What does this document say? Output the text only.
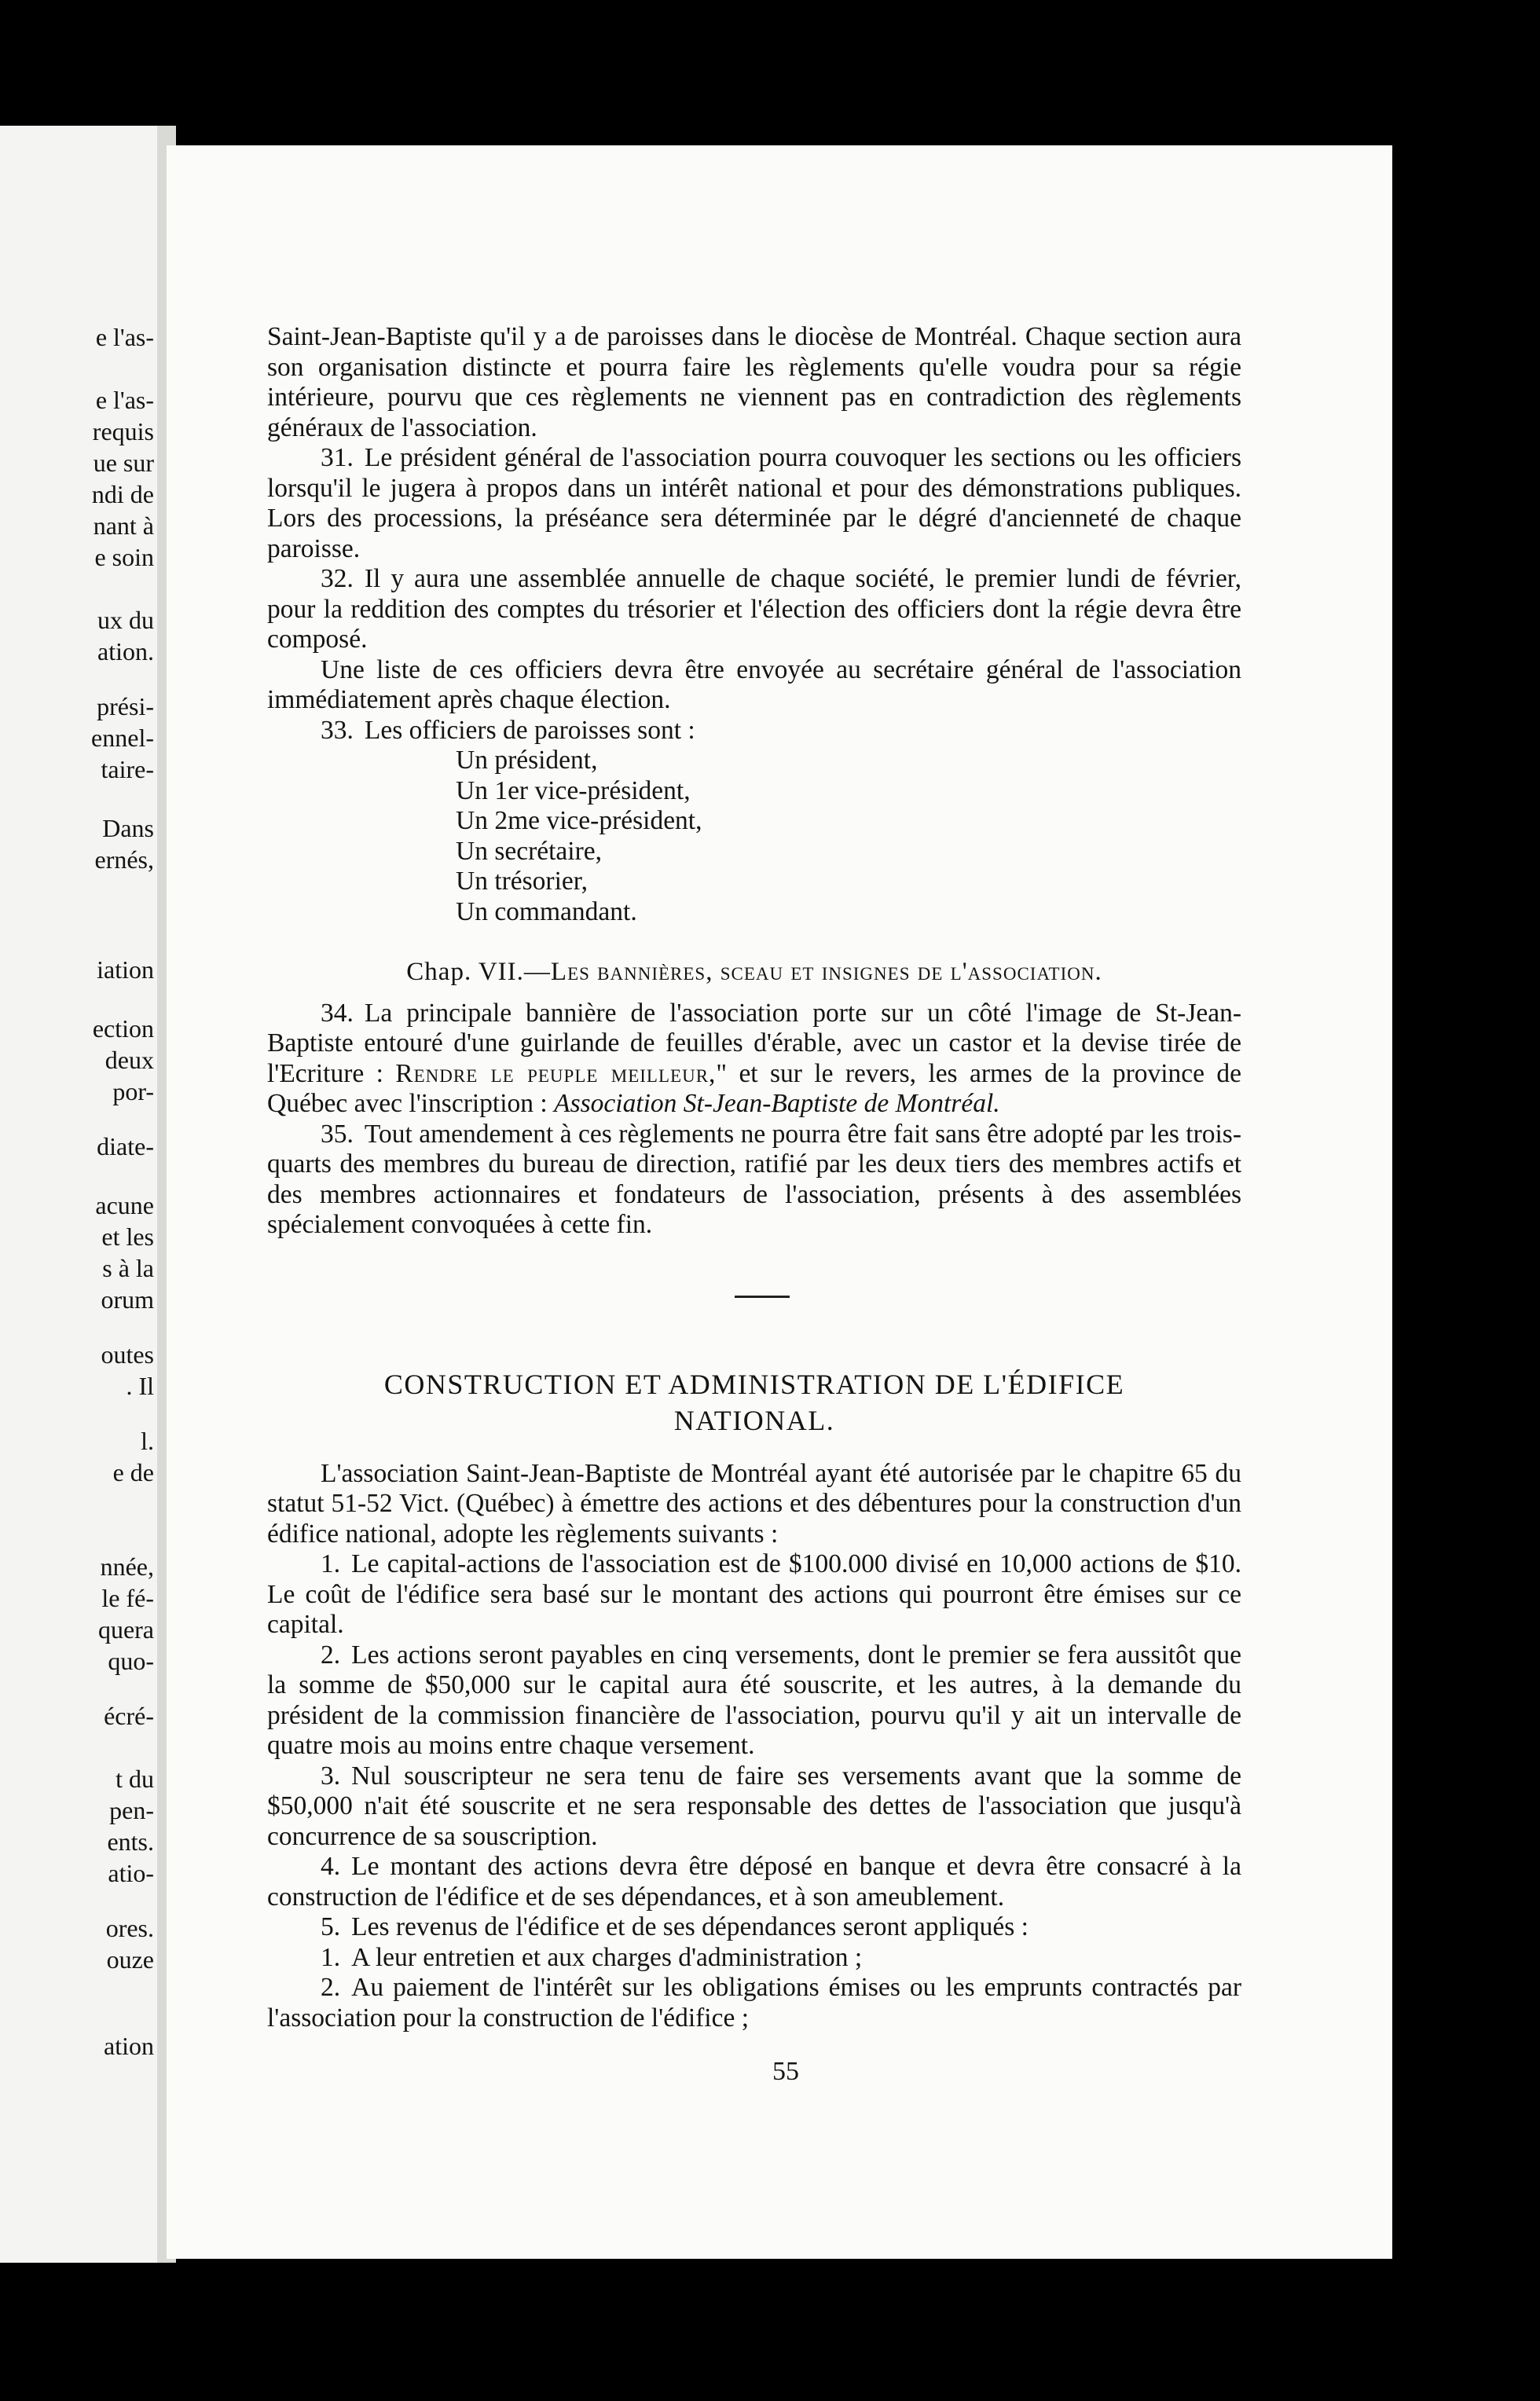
e l'as-
e l'as-
requis
ue sur
ndi de
nant à
e soin
ux du
ation.
prési-
ennel-
taire-
Dans
ernés,
iation
ection
deux
por-
diate-
acune
et les
s à la
orum
outes
. Il
l.
e de
nnée,
le fé-
quera
quo-
écré-
t du
pen-
ents.
atio-
ores.
ouze
ation

Saint-Jean-Baptiste qu'il y a de paroisses dans le diocèse de Montréal. Chaque section aura son organisation distincte et pourra faire les règlements qu'elle voudra pour sa régie intérieure, pourvu que ces règlements ne viennent pas en contradiction des règlements généraux de l'association.

31. Le président général de l'association pourra couvoquer les sections ou les officiers lorsqu'il le jugera à propos dans un intérêt national et pour des démonstrations publiques. Lors des processions, la préséance sera déterminée par le dégré d'ancienneté de chaque paroisse.

32. Il y aura une assemblée annuelle de chaque société, le premier lundi de février, pour la reddition des comptes du trésorier et l'élection des officiers dont la régie devra être composé.

Une liste de ces officiers devra être envoyée au secrétaire général de l'association immédiatement après chaque élection.

33. Les officiers de paroisses sont :

Un président,
Un 1er vice-président,
Un 2me vice-président,
Un secrétaire,
Un trésorier,
Un commandant.
Chap. VII.—Les bannières, sceau et insignes de l'association.

34. La principale bannière de l'association porte sur un côté l'image de St-Jean-Baptiste entouré d'une guirlande de feuilles d'érable, avec un castor et la devise tirée de l'Ecriture : Rendre le peuple meilleur," et sur le revers, les armes de la province de Québec avec l'inscription : Association St-Jean-Baptiste de Montréal.

35. Tout amendement à ces règlements ne pourra être fait sans être adopté par les trois-quarts des membres du bureau de direction, ratifié par les deux tiers des membres actifs et des membres actionnaires et fondateurs de l'association, présents à des assemblées spécialement convoquées à cette fin.

CONSTRUCTION ET ADMINISTRATION DE L'ÉDIFICE NATIONAL.

L'association Saint-Jean-Baptiste de Montréal ayant été autorisée par le chapitre 65 du statut 51-52 Vict. (Québec) à émettre des actions et des débentures pour la construction d'un édifice national, adopte les règlements suivants :

1. Le capital-actions de l'association est de $100.000 divisé en 10,000 actions de $10. Le coût de l'édifice sera basé sur le montant des actions qui pourront être émises sur ce capital.

2. Les actions seront payables en cinq versements, dont le premier se fera aussitôt que la somme de $50,000 sur le capital aura été souscrite, et les autres, à la demande du président de la commission financière de l'association, pourvu qu'il y ait un intervalle de quatre mois au moins entre chaque versement.

3. Nul souscripteur ne sera tenu de faire ses versements avant que la somme de $50,000 n'ait été souscrite et ne sera responsable des dettes de l'association que jusqu'à concurrence de sa souscription.

4. Le montant des actions devra être déposé en banque et devra être consacré à la construction de l'édifice et de ses dépendances, et à son ameublement.

5. Les revenus de l'édifice et de ses dépendances seront appliqués :

1. A leur entretien et aux charges d'administration ;

2. Au paiement de l'intérêt sur les obligations émises ou les emprunts contractés par l'association pour la construction de l'édifice ;

55
